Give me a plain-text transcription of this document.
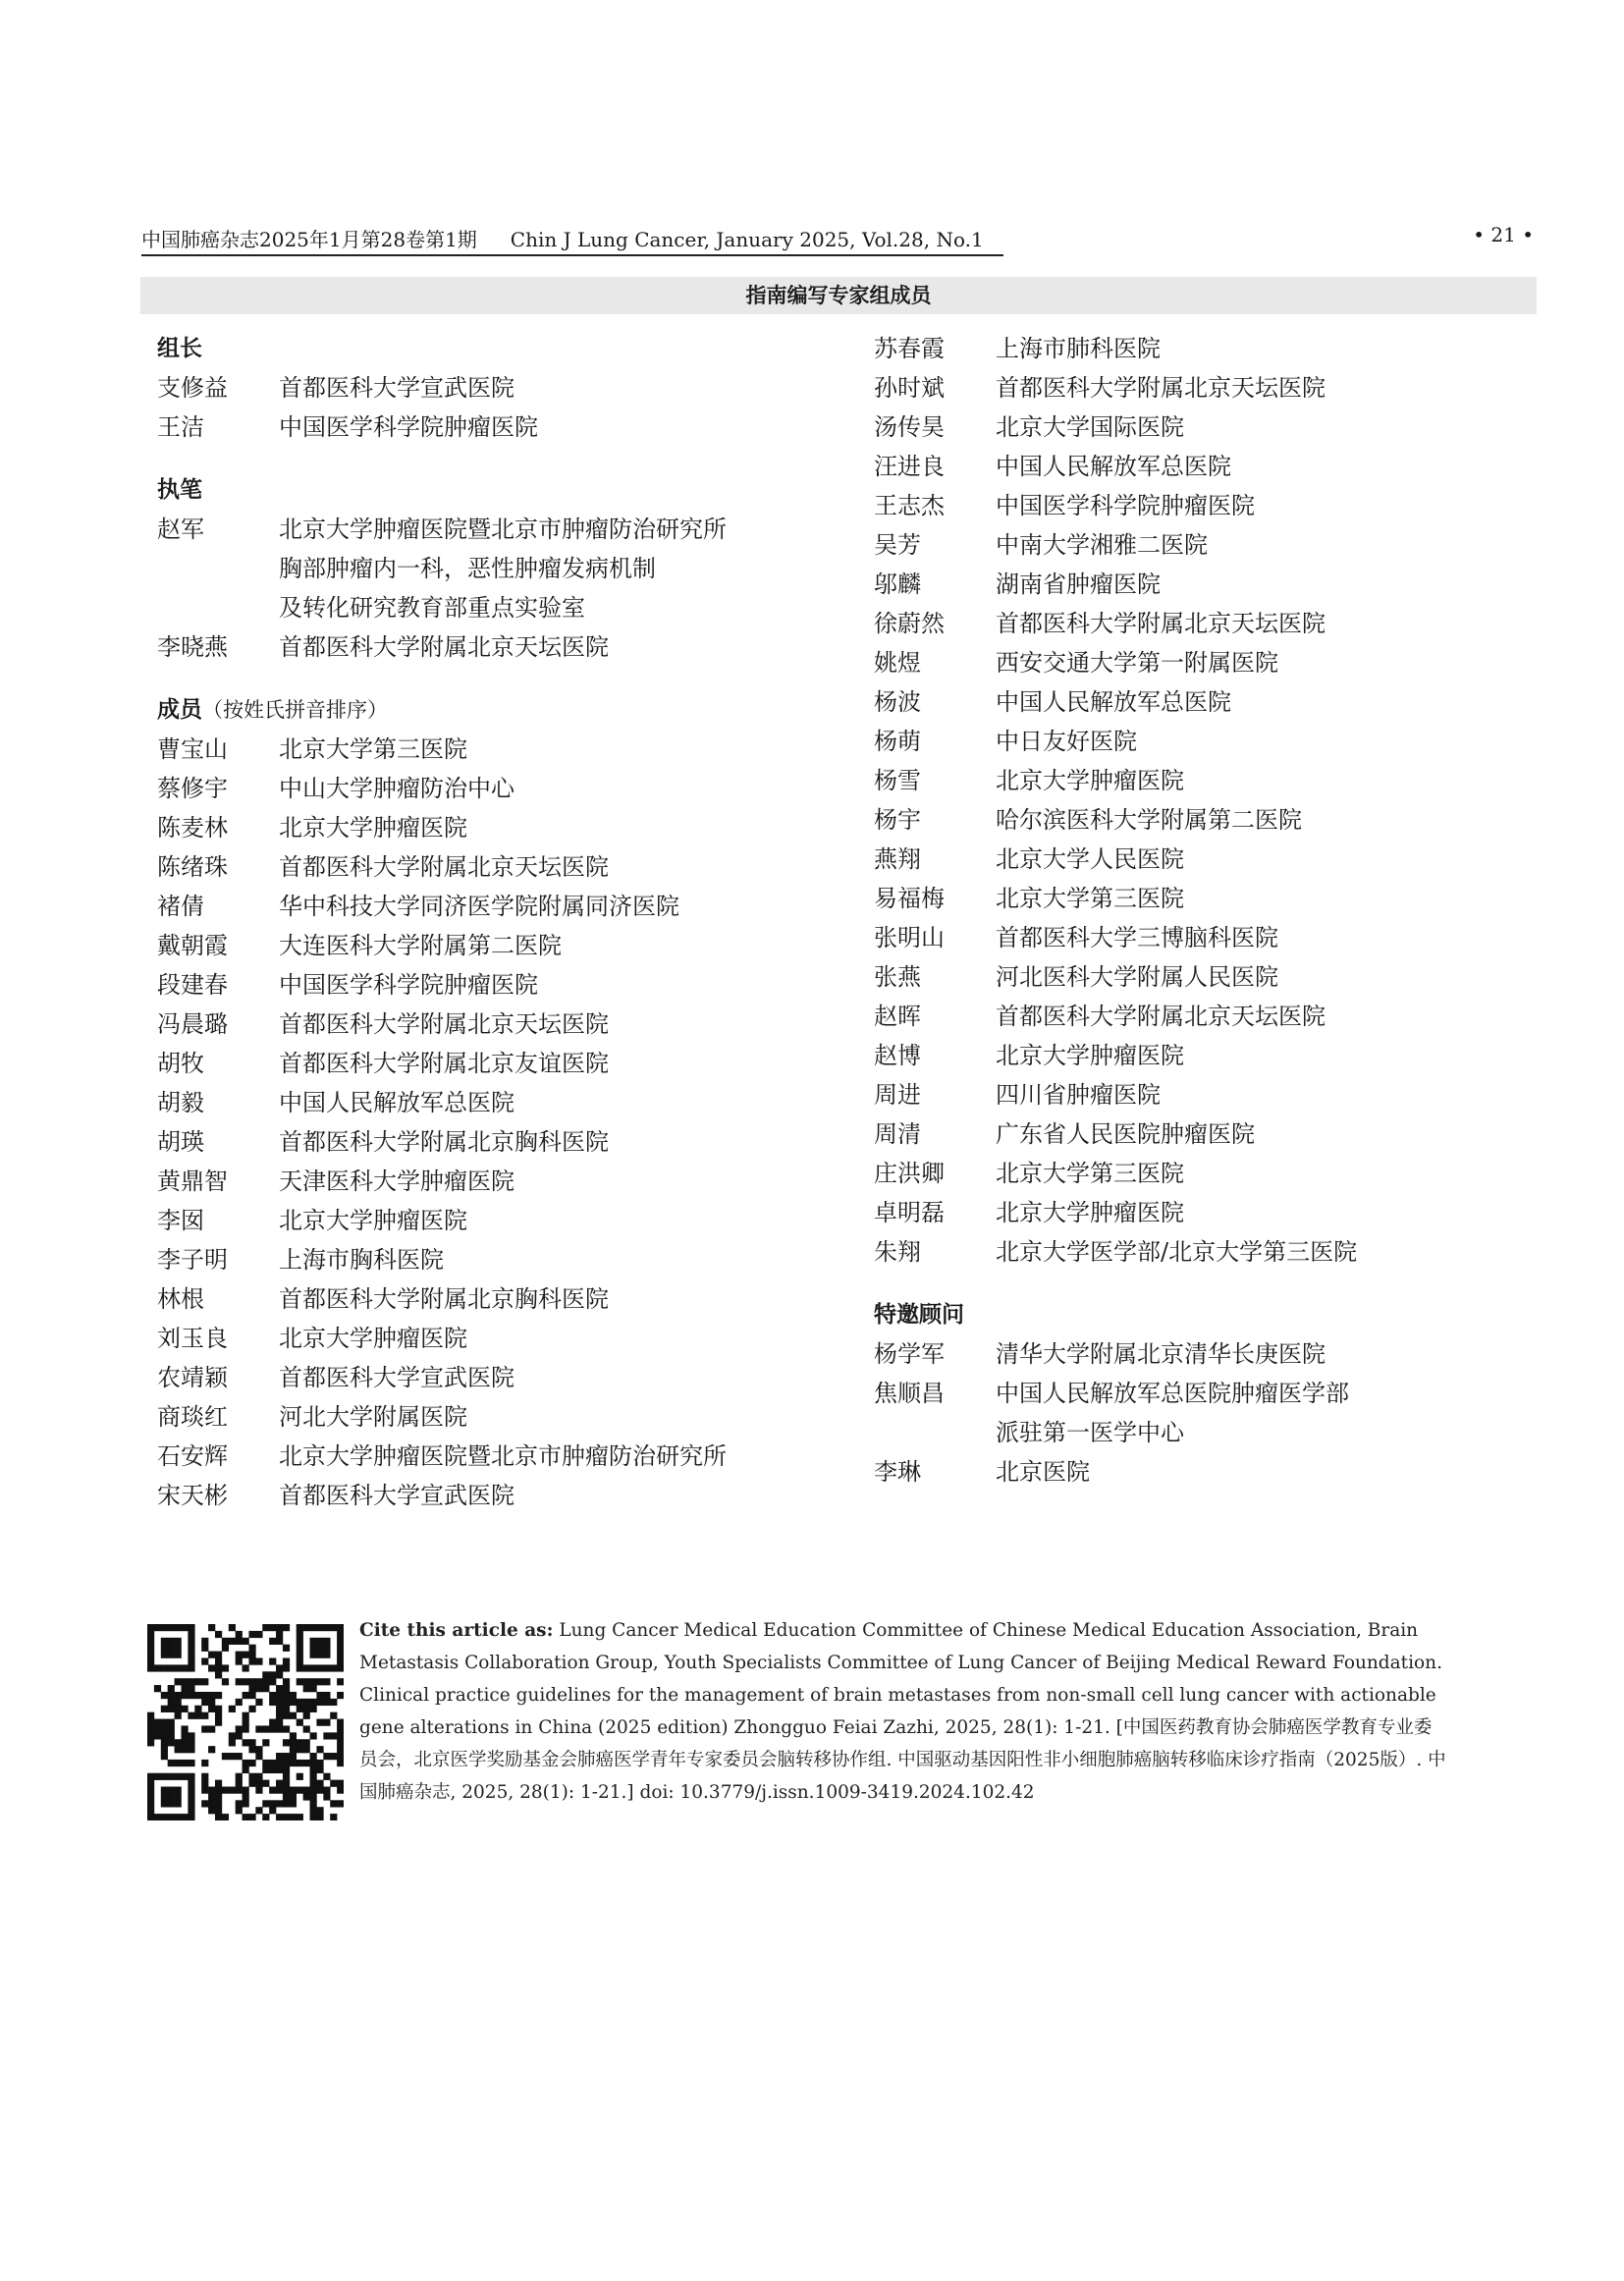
中国肺癌杂志2025年1月第28卷第1期 Chin J Lung Cancer, January 2025, Vol.28, No.1	• 21 •
指南编写专家组成员
组长
支修益	首都医科大学宣武医院
王洁	中国医学科学院肿瘤医院
执笔
赵军	北京大学肿瘤医院暨北京市肿瘤防治研究所
胸部肿瘤内一科，恶性肿瘤发病机制
及转化研究教育部重点实验室
李晓燕	首都医科大学附属北京天坛医院
成员（按姓氏拼音排序）
曹宝山	北京大学第三医院
蔡修宇	中山大学肿瘤防治中心
陈麦林	北京大学肿瘤医院
陈绪珠	首都医科大学附属北京天坛医院
褚倩	华中科技大学同济医学院附属同济医院
戴朝霞	大连医科大学附属第二医院
段建春	中国医学科学院肿瘤医院
冯晨璐	首都医科大学附属北京天坛医院
胡牧	首都医科大学附属北京友谊医院
胡毅	中国人民解放军总医院
胡瑛	首都医科大学附属北京胸科医院
黄鼎智	天津医科大学肿瘤医院
李囡	北京大学肿瘤医院
李子明	上海市胸科医院
林根	首都医科大学附属北京胸科医院
刘玉良	北京大学肿瘤医院
农靖颖	首都医科大学宣武医院
商琰红	河北大学附属医院
石安辉	北京大学肿瘤医院暨北京市肿瘤防治研究所
宋天彬	首都医科大学宣武医院
苏春霞	上海市肺科医院
孙时斌	首都医科大学附属北京天坛医院
汤传昊	北京大学国际医院
汪进良	中国人民解放军总医院
王志杰	中国医学科学院肿瘤医院
吴芳	中南大学湘雅二医院
邬麟	湖南省肿瘤医院
徐蔚然	首都医科大学附属北京天坛医院
姚煜	西安交通大学第一附属医院
杨波	中国人民解放军总医院
杨萌	中日友好医院
杨雪	北京大学肿瘤医院
杨宇	哈尔滨医科大学附属第二医院
燕翔	北京大学人民医院
易福梅	北京大学第三医院
张明山	首都医科大学三博脑科医院
张燕	河北医科大学附属人民医院
赵晖	首都医科大学附属北京天坛医院
赵博	北京大学肿瘤医院
周进	四川省肿瘤医院
周清	广东省人民医院肿瘤医院
庄洪卿	北京大学第三医院
卓明磊	北京大学肿瘤医院
朱翔	北京大学医学部/北京大学第三医院
特邀顾问
杨学军	清华大学附属北京清华长庚医院
焦顺昌	中国人民解放军总医院肿瘤医学部
派驻第一医学中心
李琳	北京医院
Cite this article as: Lung Cancer Medical Education Committee of Chinese Medical Education Association, Brain Metastasis Collaboration Group, Youth Specialists Committee of Lung Cancer of Beijing Medical Reward Foundation. Clinical practice guidelines for the management of brain metastases from non-small cell lung cancer with actionable gene alterations in China (2025 edition) Zhongguo Feiai Zazhi, 2025, 28(1): 1-21. [中国医药教育协会肺癌医学教育专业委员会，北京医学奖励基金会肺癌医学青年专家委员会脑转移协作组. 中国驱动基因阳性非小细胞肺癌脑转移临床诊疗指南（2025版）. 中国肺癌杂志, 2025, 28(1): 1-21.] doi: 10.3779/j.issn.1009-3419.2024.102.42
